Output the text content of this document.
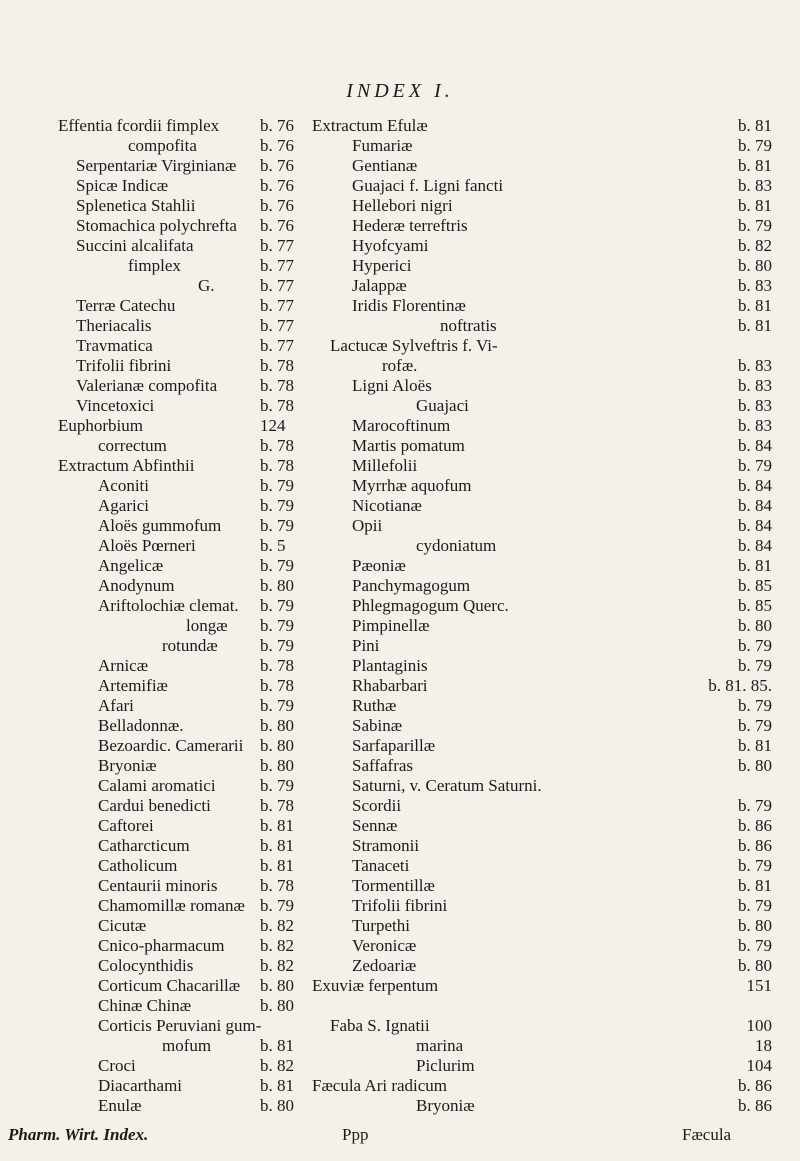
INDEX I.
Effentia fcordii fimplex b. 76
compofita	b. 76
Serpentariæ Virginianæ b. 76
Spicæ Indicæ	b. 76
Splenetica Stahlii	b. 76
Stomachica polychrefta b. 76
Succini alcalifata	b. 77
fimplex	b. 77
G.	b. 77
Terræ Catechu	b. 77
Theriacalis	b. 77
Travmatica	b. 77
Trifolii fibrini	b. 78
Valerianæ compofita	b. 78
Vincetoxici	b. 78
Euphorbium	124
correctum	b. 78
Extractum Abfinthii	b. 78
Aconiti	b. 79
Agarici	b. 79
Aloës gummofum b. 79
Aloës Pœrneri	b. 5
Angelicæ	b. 79
Anodynum	b. 80
Ariftolochiæ clemat. b. 79
longæ b. 79
rotundæ b. 79
Arnicæ	b. 78
Artemifiæ	b. 78
Afari	b. 79
Belladonnæ.	b. 80
Bezoardic. Camerarii b. 80
Bryoniæ	b. 80
Calami aromatici	b. 79
Cardui benedicti	b. 78
Caftorei	b. 81
Catharcticum	b. 81
Catholicum	b. 81
Centaurii minoris	b. 78
Chamomillæ romanæ b. 79
Cicutæ	b. 82
Cnico-pharmacum b. 82
Colocynthidis	b. 82
Corticum Chacarillæ b. 80
Chinæ Chinæ	b. 80
Corticis Peruviani gum-
mofum	b. 81
Croci	b. 82
Diacarthami	b. 81
Enulæ	b. 80
Extractum Efulæ	b. 81
Fumariæ	b. 79
Gentianæ	b. 81
Guajaci f. Ligni fancti	b. 83
Hellebori nigri	b. 81
Hederæ terreftris	b. 79
Hyofcyami	b. 82
Hyperici	b. 80
Jalappæ	b. 83
Iridis Florentinæ	b. 81
noftratis	b. 81
Lactucæ Sylveftris f. Vi-
rofæ.	b. 83
Ligni Aloës	b. 83
Guajaci	b. 83
Marocoftinum	b. 83
Martis pomatum	b. 84
Millefolii	b. 79
Myrrhæ aquofum	b. 84
Nicotianæ	b. 84
Opii	b. 84
cydoniatum	b. 84
Pæoniæ	b. 81
Panchymagogum	b. 85
Phlegmagogum Querc.	b. 85
Pimpinellæ	b. 80
Pini	b. 79
Plantaginis	b. 79
Rhabarbari	b. 81. 85.
Ruthæ	b. 79
Sabinæ	b. 79
Sarfaparillæ	b. 81
Saffafras	b. 80
Saturni, v. Ceratum Saturni.
Scordii	b. 79
Sennæ	b. 86
Stramonii	b. 86
Tanaceti	b. 79
Tormentillæ	b. 81
Trifolii fibrini	b. 79
Turpethi	b. 80
Veronicæ	b. 79
Zedoariæ	b. 80
Exuviæ ferpentum	151
Faba S. Ignatii	100
marina	18
Piclurim	104
Fæcula Ari radicum	b. 86
Bryoniæ	b. 86
Pharm. Wirt. Index.	Ppp	Fæcula
